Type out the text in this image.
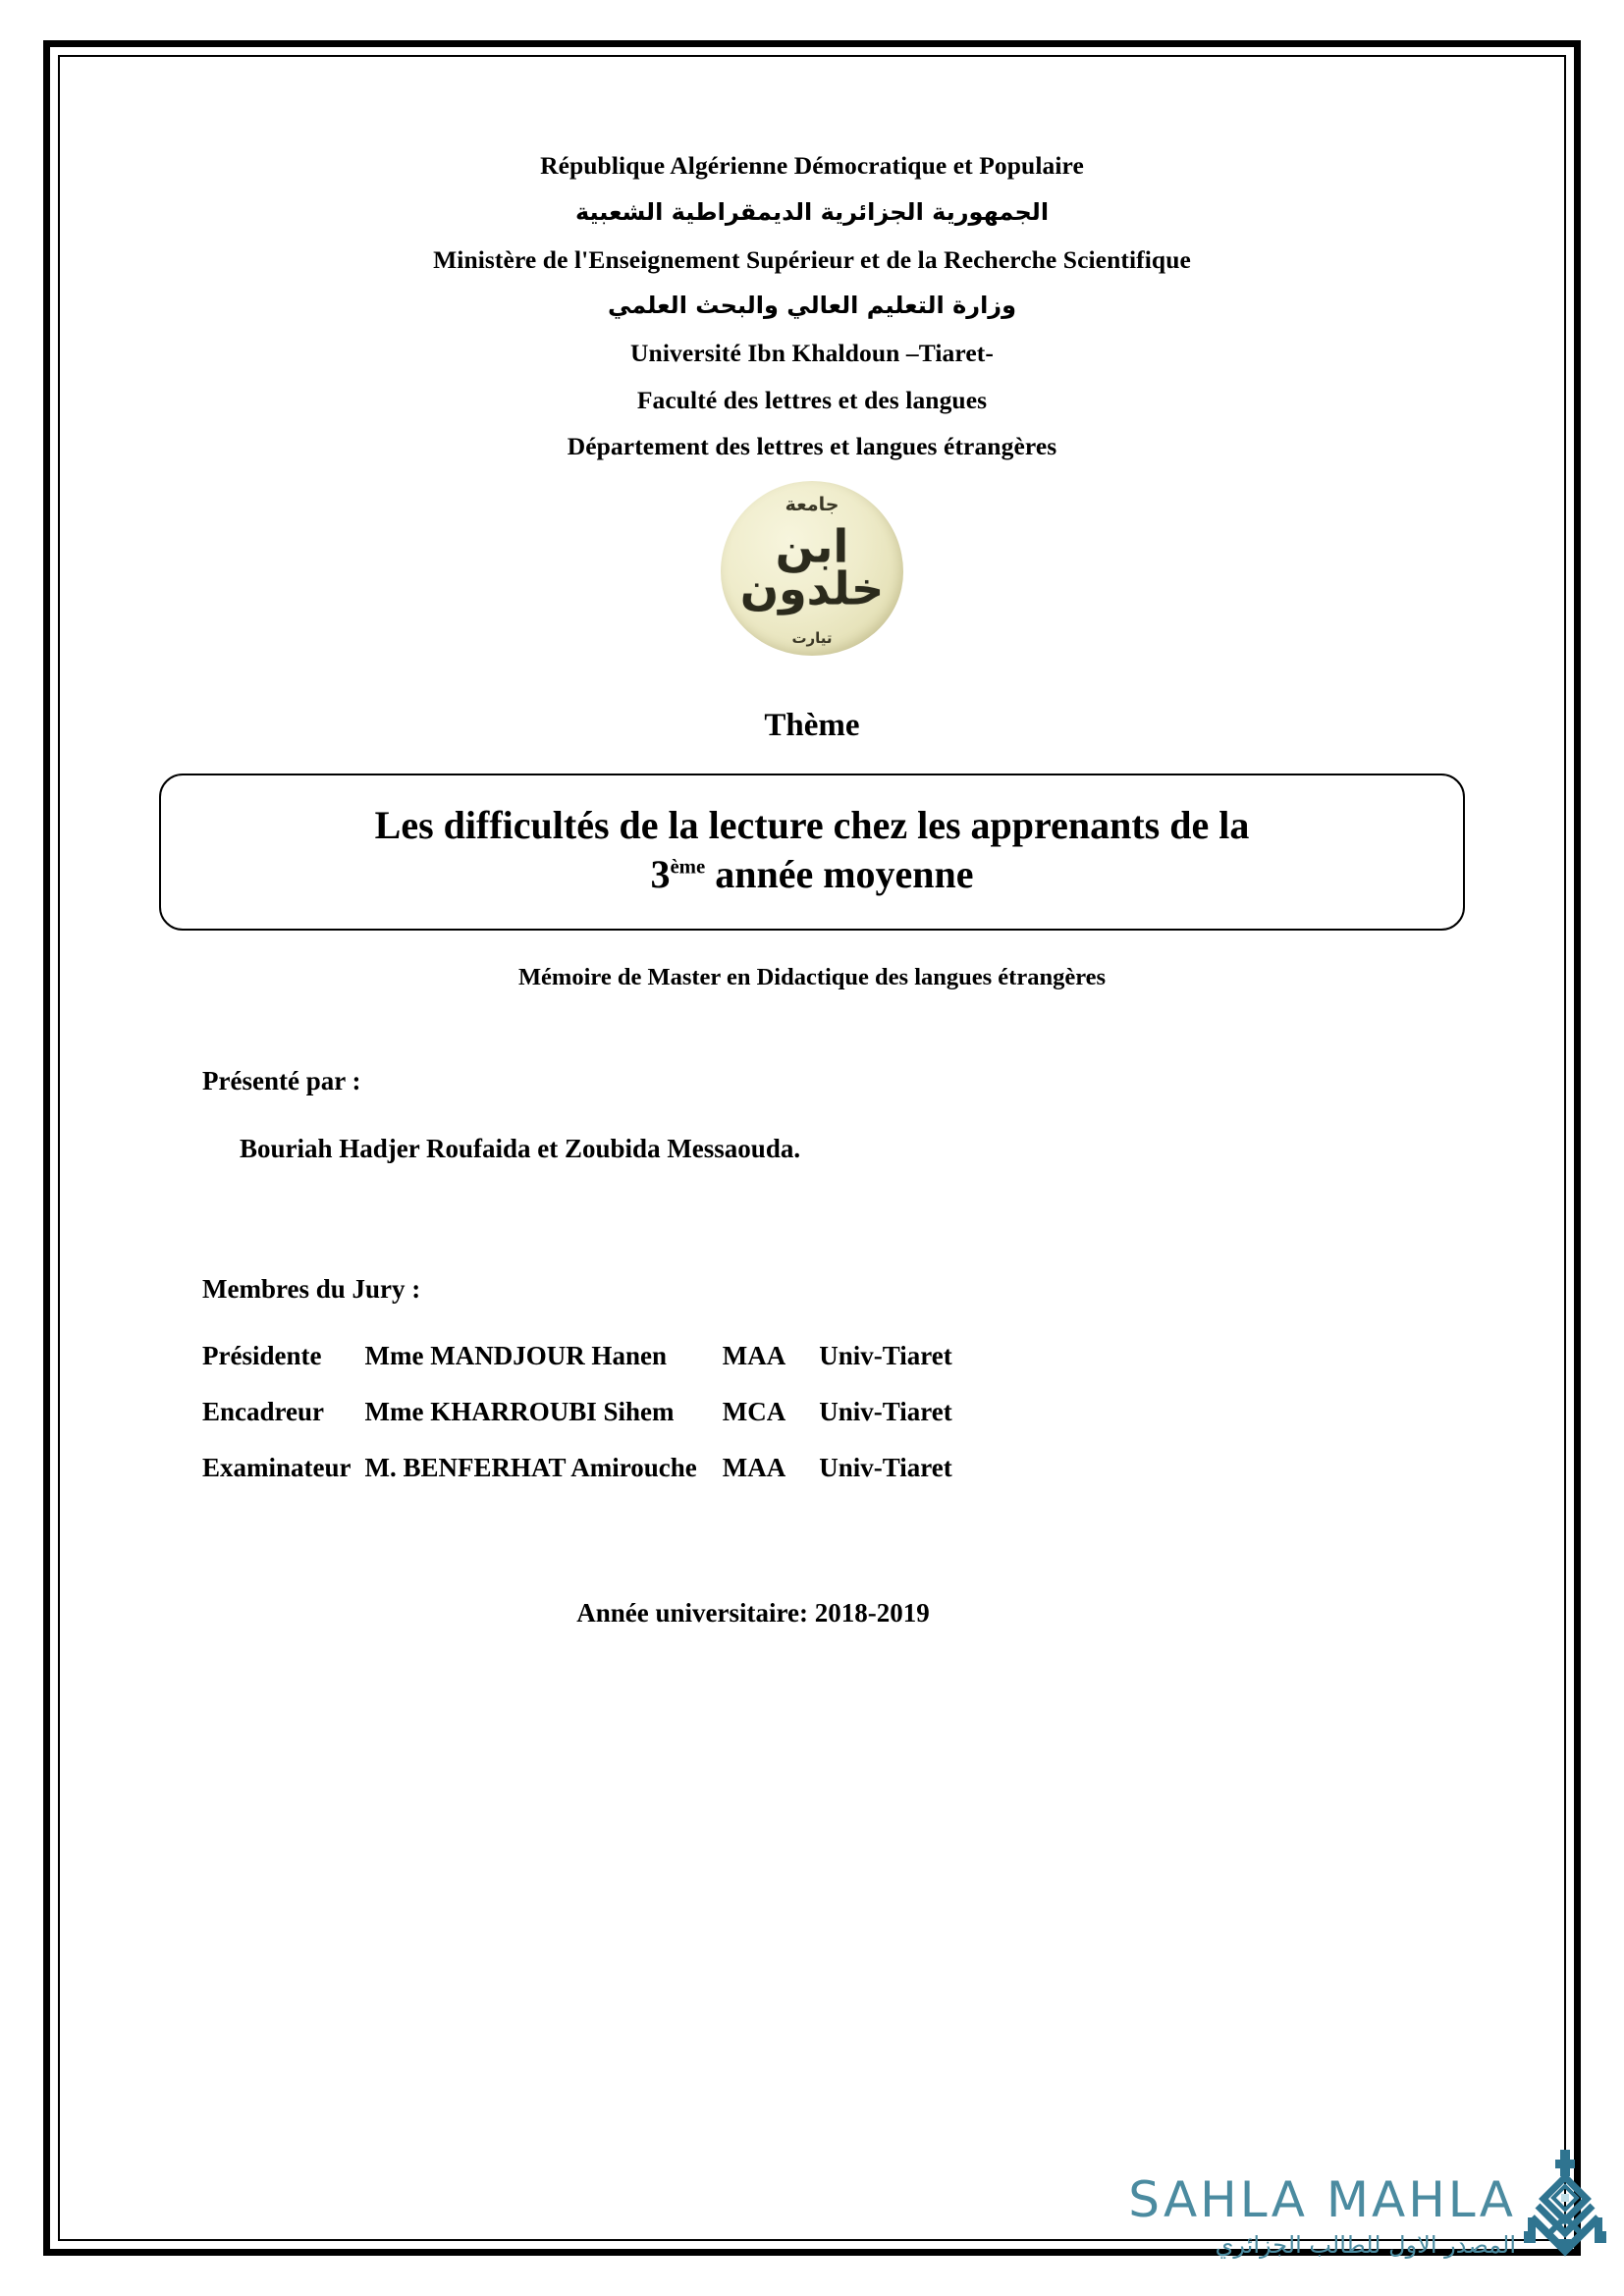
République Algérienne Démocratique et Populaire
الجمهورية الجزائرية الديمقراطية الشعبية
Ministère de l'Enseignement Supérieur et de la Recherche Scientifique
وزارة التعليم العالي والبحث العلمي
Université Ibn Khaldoun –Tiaret-
Faculté des lettres et des langues
Département des lettres et langues étrangères
جامعة
ابن خلدون
تيارت
Thème
Les difficultés de la lecture chez les apprenants de la
3ème année moyenne
Mémoire de Master en Didactique des langues étrangères
Présenté par :
Bouriah Hadjer Roufaida et Zoubida Messaouda.
Membres du Jury :
Présidente	Mme MANDJOUR Hanen	MAA	Univ-Tiaret
Encadreur	Mme KHARROUBI Sihem	MCA	Univ-Tiaret
Examinateur	M. BENFERHAT Amirouche	MAA	Univ-Tiaret
Année universitaire: 2018-2019
SAHLA MAHLA
المصدر الاول للطالب الجزائري
